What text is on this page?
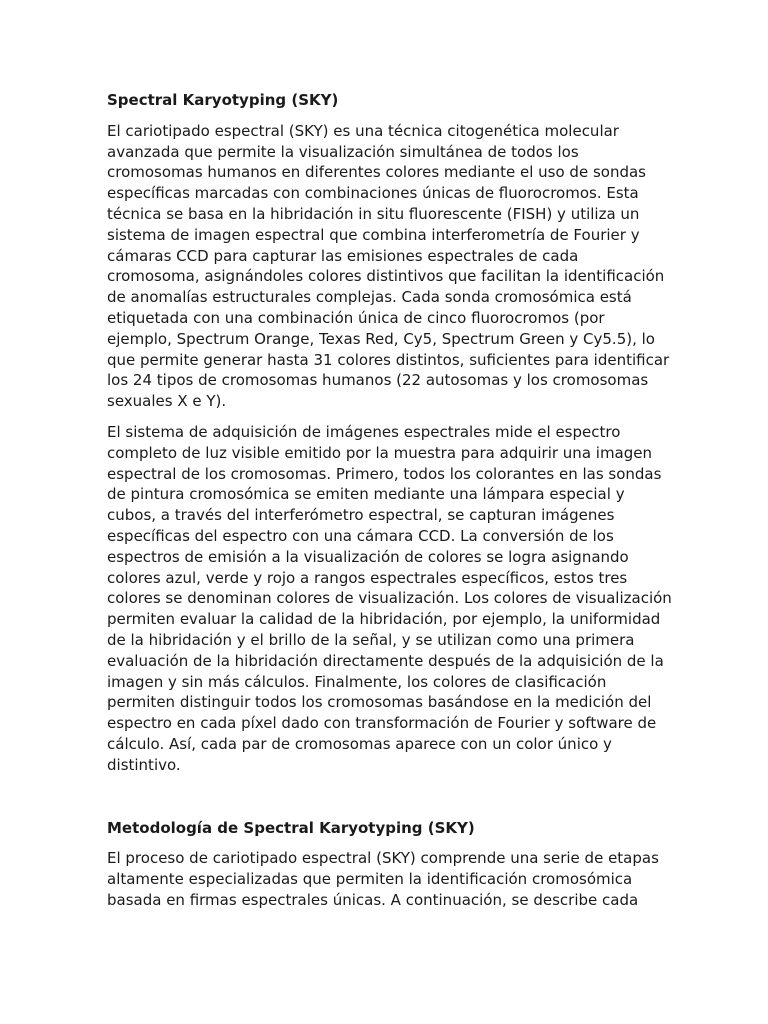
Spectral Karyotyping (SKY)

El cariotipado espectral (SKY) es una técnica citogenética molecular avanzada que permite la visualización simultánea de todos los cromosomas humanos en diferentes colores mediante el uso de sondas específicas marcadas con combinaciones únicas de fluorocromos. Esta técnica se basa en la hibridación in situ fluorescente (FISH) y utiliza un sistema de imagen espectral que combina interferometría de Fourier y cámaras CCD para capturar las emisiones espectrales de cada cromosoma, asignándoles colores distintivos que facilitan la identificación de anomalías estructurales complejas. Cada sonda cromosómica está etiquetada con una combinación única de cinco fluorocromos (por ejemplo, Spectrum Orange, Texas Red, Cy5, Spectrum Green y Cy5.5), lo que permite generar hasta 31 colores distintos, suficientes para identificar los 24 tipos de cromosomas humanos (22 autosomas y los cromosomas sexuales X e Y).

El sistema de adquisición de imágenes espectrales mide el espectro completo de luz visible emitido por la muestra para adquirir una imagen espectral de los cromosomas. Primero, todos los colorantes en las sondas de pintura cromosómica se emiten mediante una lámpara especial y cubos, a través del interferómetro espectral, se capturan imágenes específicas del espectro con una cámara CCD. La conversión de los espectros de emisión a la visualización de colores se logra asignando colores azul, verde y rojo a rangos espectrales específicos, estos tres colores se denominan colores de visualización. Los colores de visualización permiten evaluar la calidad de la hibridación, por ejemplo, la uniformidad de la hibridación y el brillo de la señal, y se utilizan como una primera evaluación de la hibridación directamente después de la adquisición de la imagen y sin más cálculos. Finalmente, los colores de clasificación permiten distinguir todos los cromosomas basándose en la medición del espectro en cada píxel dado con transformación de Fourier y software de cálculo. Así, cada par de cromosomas aparece con un color único y distintivo.

Metodología de Spectral Karyotyping (SKY)

El proceso de cariotipado espectral (SKY) comprende una serie de etapas altamente especializadas que permiten la identificación cromosómica basada en firmas espectrales únicas. A continuación, se describe cada
